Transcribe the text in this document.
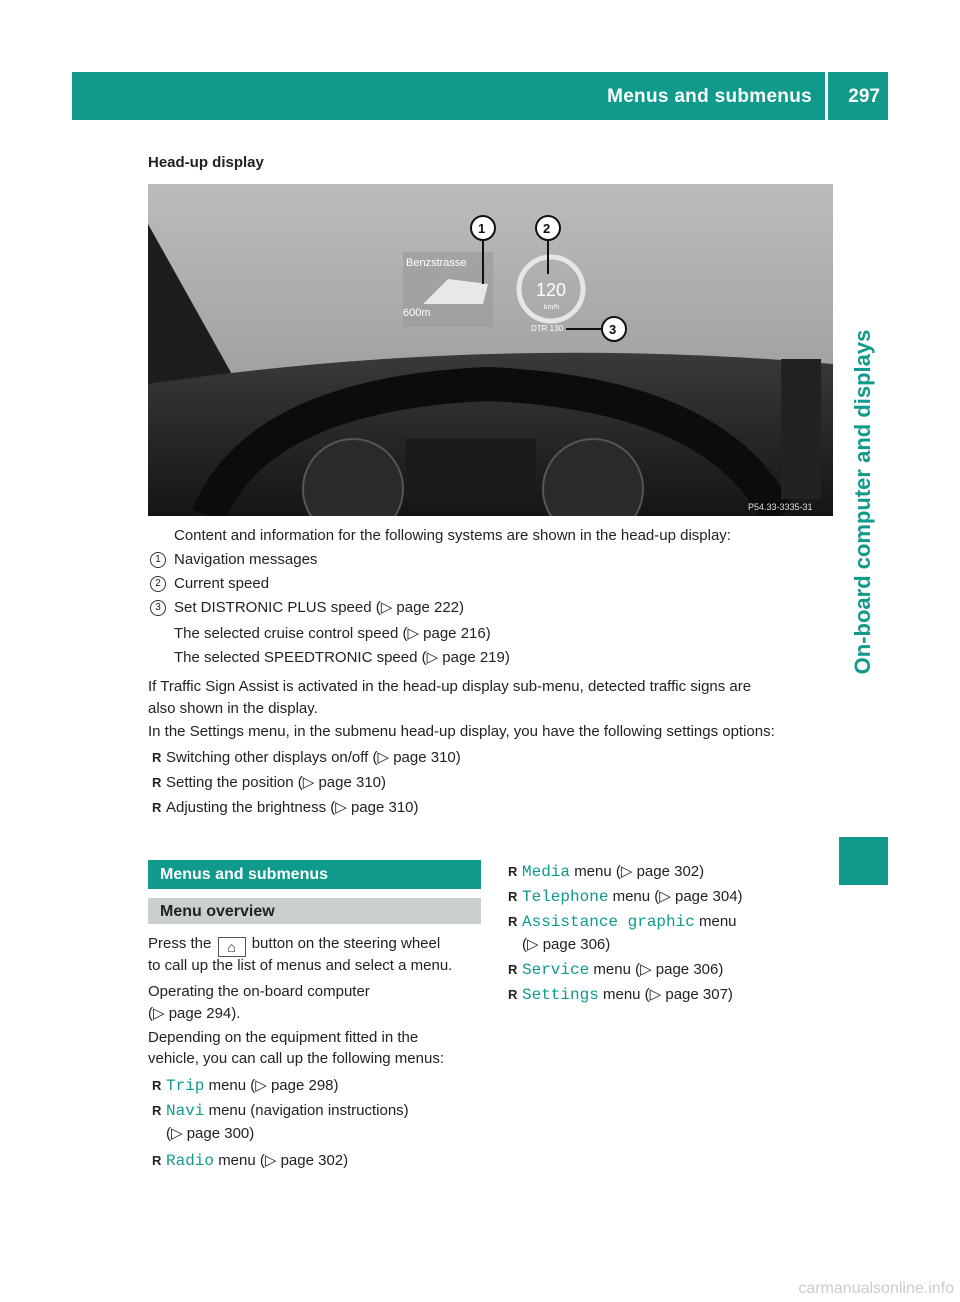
Menus and submenus 297
On-board computer and displays
Head-up display
Benzstrasse
600m
120
km/h
DTR 130
1	2
3
P54.33-3335-31
Content and information for the following systems are shown in the head-up display:
1 Navigation messages
2 Current speed
3 Set DISTRONIC PLUS speed (▷ page 222)
The selected cruise control speed (▷ page 216)
The selected SPEEDTRONIC speed (▷ page 219)
If Traffic Sign Assist is activated in the head-up display sub-menu, detected traffic signs are
also shown in the display.
In the Settings menu, in the submenu head-up display, you have the following settings options:
R Switching other displays on/off (▷ page 310)
R Setting the position (▷ page 310)
R Adjusting the brightness (▷ page 310)
Menus and submenus
Menu overview
Press the ⌂ button on the steering wheel
to call up the list of menus and select a menu.
Operating the on-board computer
(▷ page 294).
Depending on the equipment fitted in the
vehicle, you can call up the following menus:
R Trip menu (▷ page 298)
R Navi menu (navigation instructions)
(▷ page 300)
R Radio menu (▷ page 302)
R Media menu (▷ page 302)
R Telephone menu (▷ page 304)
R Assistance graphic menu
(▷ page 306)
R Service menu (▷ page 306)
R Settings menu (▷ page 307)
carmanualsonline.info
